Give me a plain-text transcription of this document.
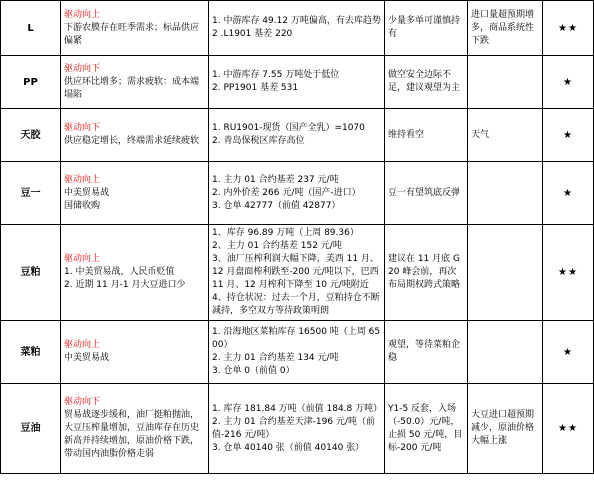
L	驱动向上
下游农膜存在旺季需求；标品供应偏紧	1. 中游库存 49.12 万吨偏高，有去库趋势
2 .L1901 基差 220	少量多单可谨慎持有	进口量超预期增多，商品系统性下跌	★★
PP	驱动向下
供应环比增多；需求疲软：成本端塌陷	1. 中游库存 7.55 万吨处于低位
2. PP1901 基差 531	做空安全边际不足，建议观望为主		★
天胶	驱动向下
供应稳定增长，终端需求延续疲软	1. RU1901-现货（国产全乳）=1070
2. 青岛保税区库存高位	维持看空	天气	★
豆一	驱动向上
中美贸易战
国储收购	1. 主力 01 合约基差 237 元/吨
2. 内外价差 266 元/吨（国产-进口）
3. 仓单 42777（前值 42877）	豆一有望筑底反弹		★
豆粕	驱动向上
1. 中美贸易战，人民币贬值
2. 近期 11 月-1 月大豆进口少	1、库存 96.89 万吨（上周 89.36）
2、主力 01 合约基差 152 元/吨
3、油厂压榨利润大幅下降，美西 11 月、12 月盘面榨利跌至-200 元/吨以下，巴西 11 月、12 月榨利下降至 10 元/吨附近
4、持仓状况：过去一个月，豆粕持仓不断减持，多空双方等待政策明朗	建议在 11 月底 G20 峰会前，再次布局期权跨式策略		★★
菜粕	驱动向上
中美贸易战	1. 沿海地区菜粕库存 16500 吨（上周 6500）
2. 主力 01 合约基差 134 元/吨
3. 仓单 0（前值 0）	观望，等待菜粕企稳		★
豆油	驱动向下
贸易战逐步缓和，油厂挺粕抛油，大豆压榨量增加，豆油库存在历史新高并持续增加，原油价格下跌，带动国内油脂价格走弱	1. 库存 181.84 万吨（前值 184.8 万吨）
2. 主力 01 合约基差天津-196 元/吨（前值-216 元/吨）
3. 仓单 40140 张（前值 40140 张）	Y1-5 反套，入场（-50.0）元/吨，止损 50 元/吨，目标-200 元/吨	大豆进口超预期减少，原油价格大幅上涨	★★
